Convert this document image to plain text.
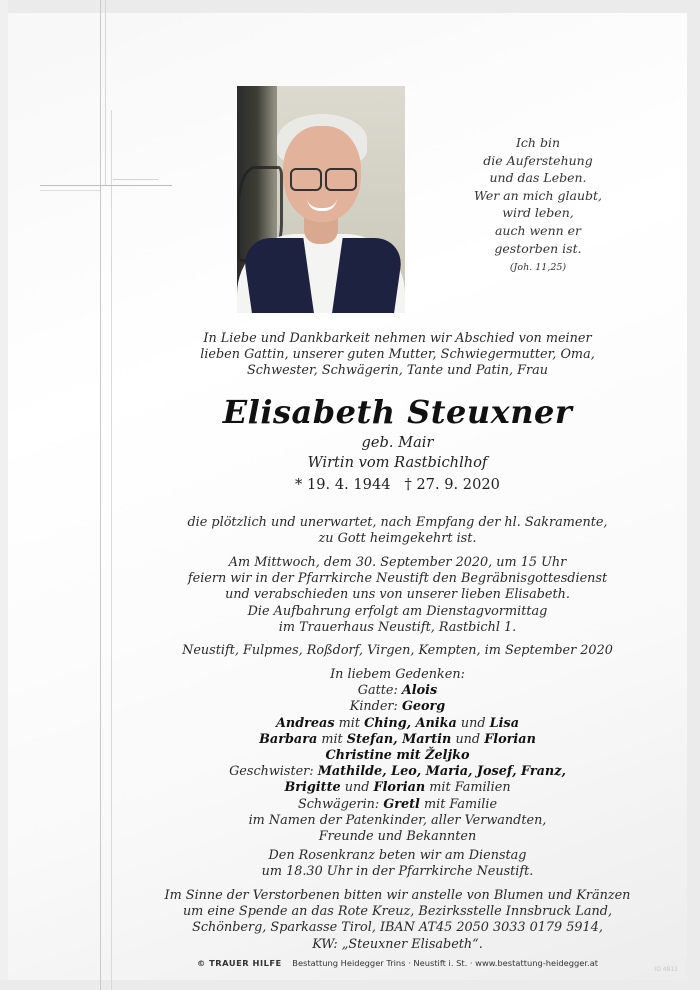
Ich bin
die Auferstehung
und das Leben.
Wer an mich glaubt,
wird leben,
auch wenn er
gestorben ist.
(Joh. 11,25)
In Liebe und Dankbarkeit nehmen wir Abschied von meiner
lieben Gattin, unserer guten Mutter, Schwiegermutter, Oma,
Schwester, Schwägerin, Tante und Patin, Frau
Elisabeth Steuxner
geb. Mair
Wirtin vom Rastbichlhof
* 19. 4. 1944   † 27. 9. 2020
die plötzlich und unerwartet, nach Empfang der hl. Sakramente,
zu Gott heimgekehrt ist.
Am Mittwoch, dem 30. September 2020, um 15 Uhr
feiern wir in der Pfarrkirche Neustift den Begräbnisgottesdienst
und verabschieden uns von unserer lieben Elisabeth.
Die Aufbahrung erfolgt am Dienstagvormittag
im Trauerhaus Neustift, Rastbichl 1.
Neustift, Fulpmes, Roßdorf, Virgen, Kempten, im September 2020
In liebem Gedenken:
Gatte: Alois
Kinder: Georg
Andreas mit Ching, Anika und Lisa
Barbara mit Stefan, Martin und Florian
Christine mit Željko
Geschwister: Mathilde, Leo, Maria, Josef, Franz,
Brigitte und Florian mit Familien
Schwägerin: Gretl mit Familie
im Namen der Patenkinder, aller Verwandten,
Freunde und Bekannten
Den Rosenkranz beten wir am Dienstag
um 18.30 Uhr in der Pfarrkirche Neustift.
Im Sinne der Verstorbenen bitten wir anstelle von Blumen und Kränzen
um eine Spende an das Rote Kreuz, Bezirksstelle Innsbruck Land,
Schönberg, Sparkasse Tirol, IBAN AT45 2050 3033 0179 5914,
KW: „Steuxner Elisabeth“.
© TRAUER HILFE Bestattung Heidegger Trins · Neustift i. St. · www.bestattung-heidegger.at
ID 4811
